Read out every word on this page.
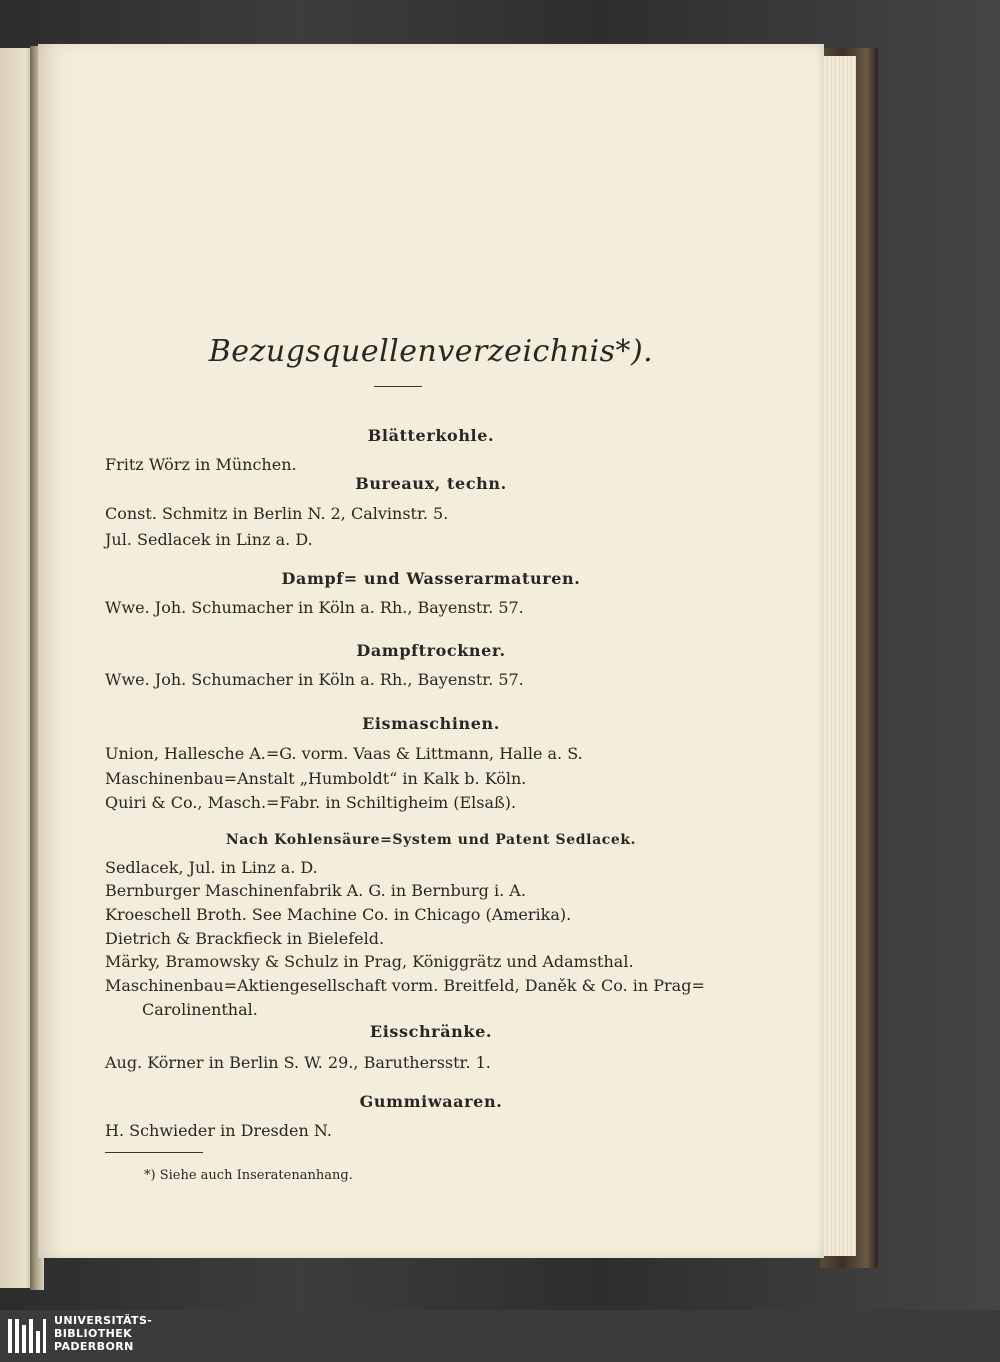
Bezugsquellenverzeichnis*).
Blätterkohle.
Fritz Wörz in München.
Bureaux, techn.
Const. Schmitz in Berlin N. 2, Calvinstr. 5.
Jul. Sedlacek in Linz a. D.
Dampf= und Wasserarmaturen.
Wwe. Joh. Schumacher in Köln a. Rh., Bayenstr. 57.
Dampftrockner.
Wwe. Joh. Schumacher in Köln a. Rh., Bayenstr. 57.
Eismaschinen.
Union, Hallesche A.=G. vorm. Vaas & Littmann, Halle a. S.
Maschinenbau=Anstalt „Humboldt“ in Kalk b. Köln.
Quiri & Co., Masch.=Fabr. in Schiltigheim (Elsaß).
Nach Kohlensäure=System und Patent Sedlacek.
Sedlacek, Jul. in Linz a. D.
Bernburger Maschinenfabrik A. G. in Bernburg i. A.
Kroeschell Broth. See Machine Co. in Chicago (Amerika).
Dietrich & Brackfieck in Bielefeld.
Märky, Bramowsky & Schulz in Prag, Königgrätz und Adamsthal.
Maschinenbau=Aktiengesellschaft vorm. Breitfeld, Daněk & Co. in Prag=
Carolinenthal.
Eisschränke.
Aug. Körner in Berlin S. W. 29., Baruthersstr. 1.
Gummiwaaren.
H. Schwieder in Dresden N.
*) Siehe auch Inseratenanhang.
UNIVERSITÄTS-
BIBLIOTHEK
PADERBORN
